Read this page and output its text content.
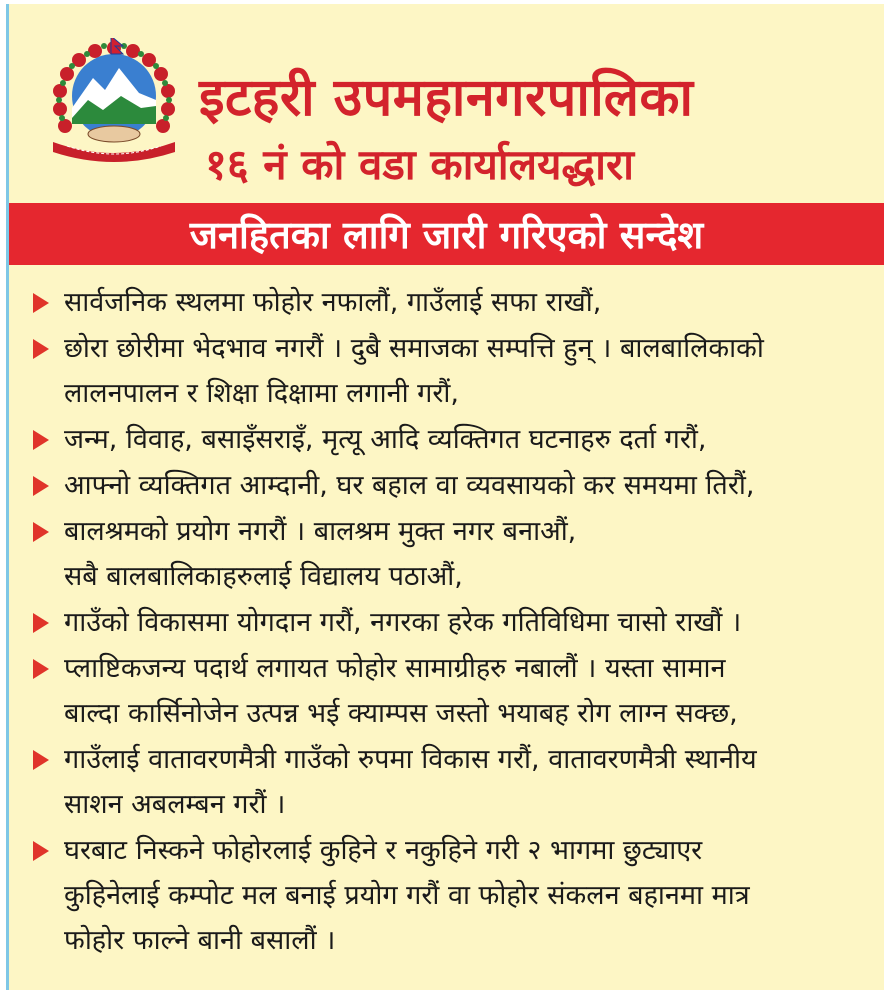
इटहरी उपमहानगरपालिका
१६ नं को वडा कार्यालयद्धारा
जनहितका लागि जारी गरिएको सन्देश
सार्वजनिक स्थलमा फोहोर नफालौं, गाउँलाई सफा राखौं,
छोरा छोरीमा भेदभाव नगरौं । दुबै समाजका सम्पत्ति हुन् । बालबालिकाको
लालनपालन र शिक्षा दिक्षामा लगानी गरौं,
जन्म, विवाह, बसाइँसराइँ, मृत्यू आदि व्यक्तिगत घटनाहरु दर्ता गरौं,
आफ्नो व्यक्तिगत आम्दानी, घर बहाल वा व्यवसायको कर समयमा तिरौं,
बालश्रमको प्रयोग नगरौं । बालश्रम मुक्त नगर बनाऔं,
सबै बालबालिकाहरुलाई विद्यालय पठाऔं,
गाउँको विकासमा योगदान गरौं, नगरका हरेक गतिविधिमा चासो राखौं ।
प्लाष्टिकजन्य पदार्थ लगायत फोहोर सामाग्रीहरु नबालौं । यस्ता सामान
बाल्दा कार्सिनोजेन उत्पन्न भई क्याम्पस जस्तो भयाबह रोग लाग्न सक्छ,
गाउँलाई वातावरणमैत्री गाउँको रुपमा विकास गरौं, वातावरणमैत्री स्थानीय
साशन अबलम्बन गरौं ।
घरबाट निस्कने फोहोरलाई कुहिने र नकुहिने गरी २ भागमा छुट्याएर
कुहिनेलाई कम्पोट मल बनाई प्रयोग गरौं वा फोहोर संकलन बहानमा मात्र
फोहोर फाल्ने बानी बसालौं ।
